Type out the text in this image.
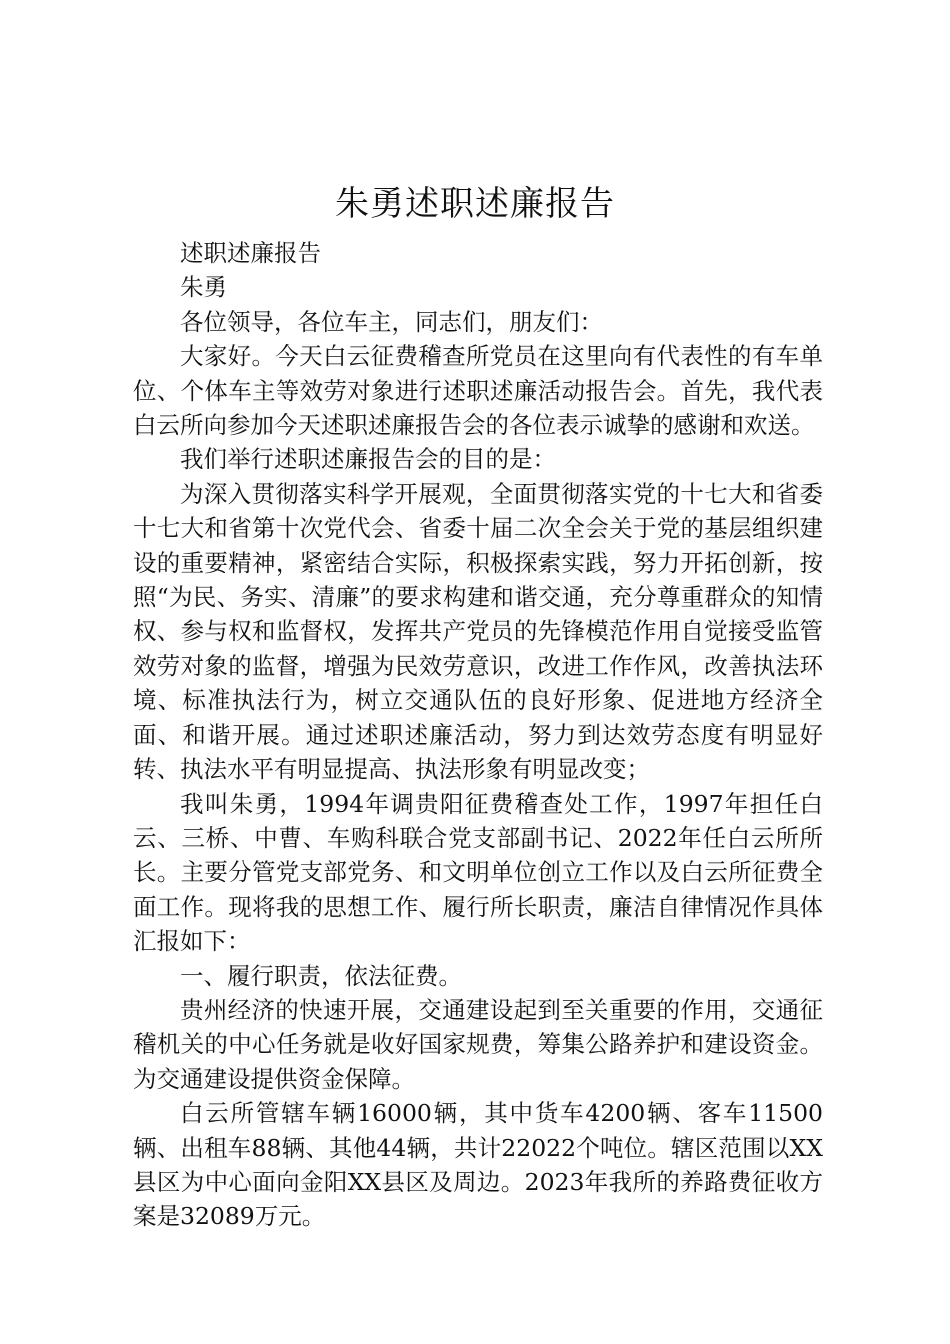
朱勇述职述廉报告

述职述廉报告

朱勇

各位领导，各位车主，同志们，朋友们：

大家好。今天白云征费稽查所党员在这里向有代表性的有车单位、个体车主等效劳对象进行述职述廉活动报告会。首先，我代表白云所向参加今天述职述廉报告会的各位表示诚挚的感谢和欢送。

我们举行述职述廉报告会的目的是：

为深入贯彻落实科学开展观，全面贯彻落实党的十七大和省委十七大和省第十次党代会、省委十届二次全会关于党的基层组织建设的重要精神，紧密结合实际，积极探索实践，努力开拓创新，按照“为民、务实、清廉”的要求构建和谐交通，充分尊重群众的知情权、参与权和监督权，发挥共产党员的先锋模范作用自觉接受监管效劳对象的监督，增强为民效劳意识，改进工作作风，改善执法环境、标准执法行为，树立交通队伍的良好形象、促进地方经济全面、和谐开展。通过述职述廉活动，努力到达效劳态度有明显好转、执法水平有明显提高、执法形象有明显改变；

我叫朱勇，1994年调贵阳征费稽查处工作，1997年担任白云、三桥、中曹、车购科联合党支部副书记、2022年任白云所所长。主要分管党支部党务、和文明单位创立工作以及白云所征费全面工作。现将我的思想工作、履行所长职责，廉洁自律情况作具体汇报如下：

一、履行职责，依法征费。

贵州经济的快速开展，交通建设起到至关重要的作用，交通征稽机关的中心任务就是收好国家规费，筹集公路养护和建设资金。为交通建设提供资金保障。

白云所管辖车辆16000辆，其中货车4200辆、客车11500辆、出租车88辆、其他44辆，共计22022个吨位。辖区范围以XX县区为中心面向金阳XX县区及周边。2023年我所的养路费征收方案是32089万元。
